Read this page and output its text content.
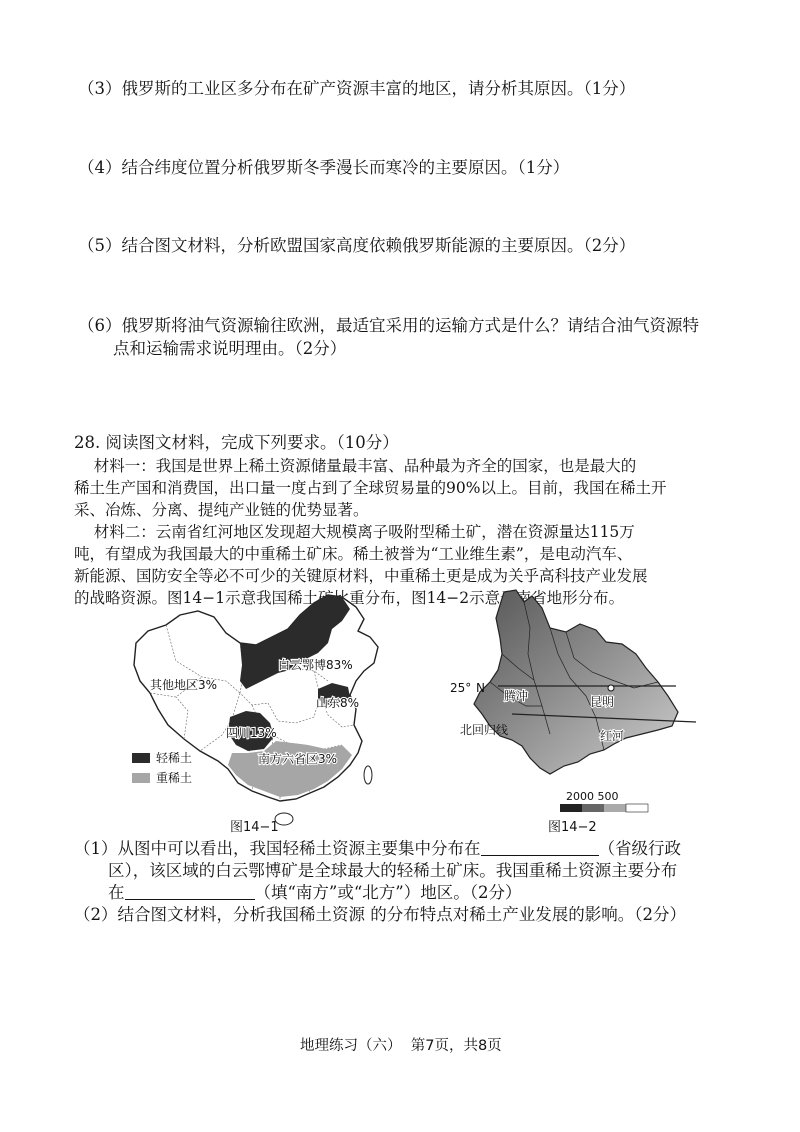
（3）俄罗斯的工业区多分布在矿产资源丰富的地区，请分析其原因。（1分）
（4）结合纬度位置分析俄罗斯冬季漫长而寒冷的主要原因。（1分）
（5）结合图文材料，分析欧盟国家高度依赖俄罗斯能源的主要原因。（2分）
（6）俄罗斯将油气资源输往欧洲，最适宜采用的运输方式是什么？请结合油气资源特
点和运输需求说明理由。（2分）
28. 阅读图文材料，完成下列要求。（10分）
材料一：我国是世界上稀土资源储量最丰富、品种最为齐全的国家，也是最大的
稀土生产国和消费国，出口量一度占到了全球贸易量的90%以上。目前，我国在稀土开
采、冶炼、分离、提纯产业链的优势显著。
材料二：云南省红河地区发现超大规模离子吸附型稀土矿，潜在资源量达115万
吨，有望成为我国最大的中重稀土矿床。稀土被誉为“工业维生素”，是电动汽车、
新能源、国防安全等必不可少的关键原材料，中重稀土更是成为关乎高科技产业发展
的战略资源。图14−1示意我国稀土矿比重分布，图14−2示意云南省地形分布。
白云鄂博83%
其他地区3%
山东8%
四川13%
南方六省区3%
轻稀土
重稀土
图14−1
25° N
北回归线
腾冲	昆明
红河
2000 500
图14−2
（1）从图中可以看出，我国轻稀土资源主要集中分布在	（省级行政
区），该区域的白云鄂博矿是全球最大的轻稀土矿床。我国重稀土资源主要分布
在	（填“南方”或“北方”）地区。（2分）
（2）结合图文材料，分析我国稀土资源 的分布特点对稀土产业发展的影响。（2分）
地理练习（六）  第7页，共8页
